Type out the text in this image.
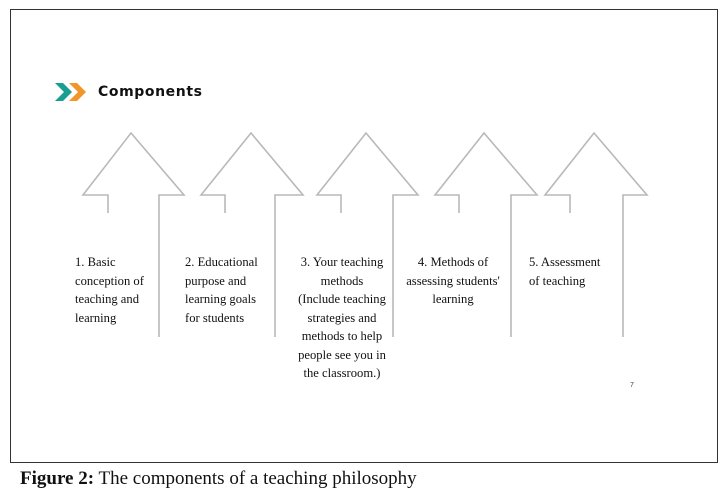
Components
1. Basic
conception of
teaching and
learning
2. Educational
purpose and
learning goals
for students
3. Your teaching
methods
(Include teaching
strategies and
methods to help
people see you in
the classroom.)
4. Methods of
assessing students'
learning
5. Assessment
of teaching
7
Figure 2: The components of a teaching philosophy
